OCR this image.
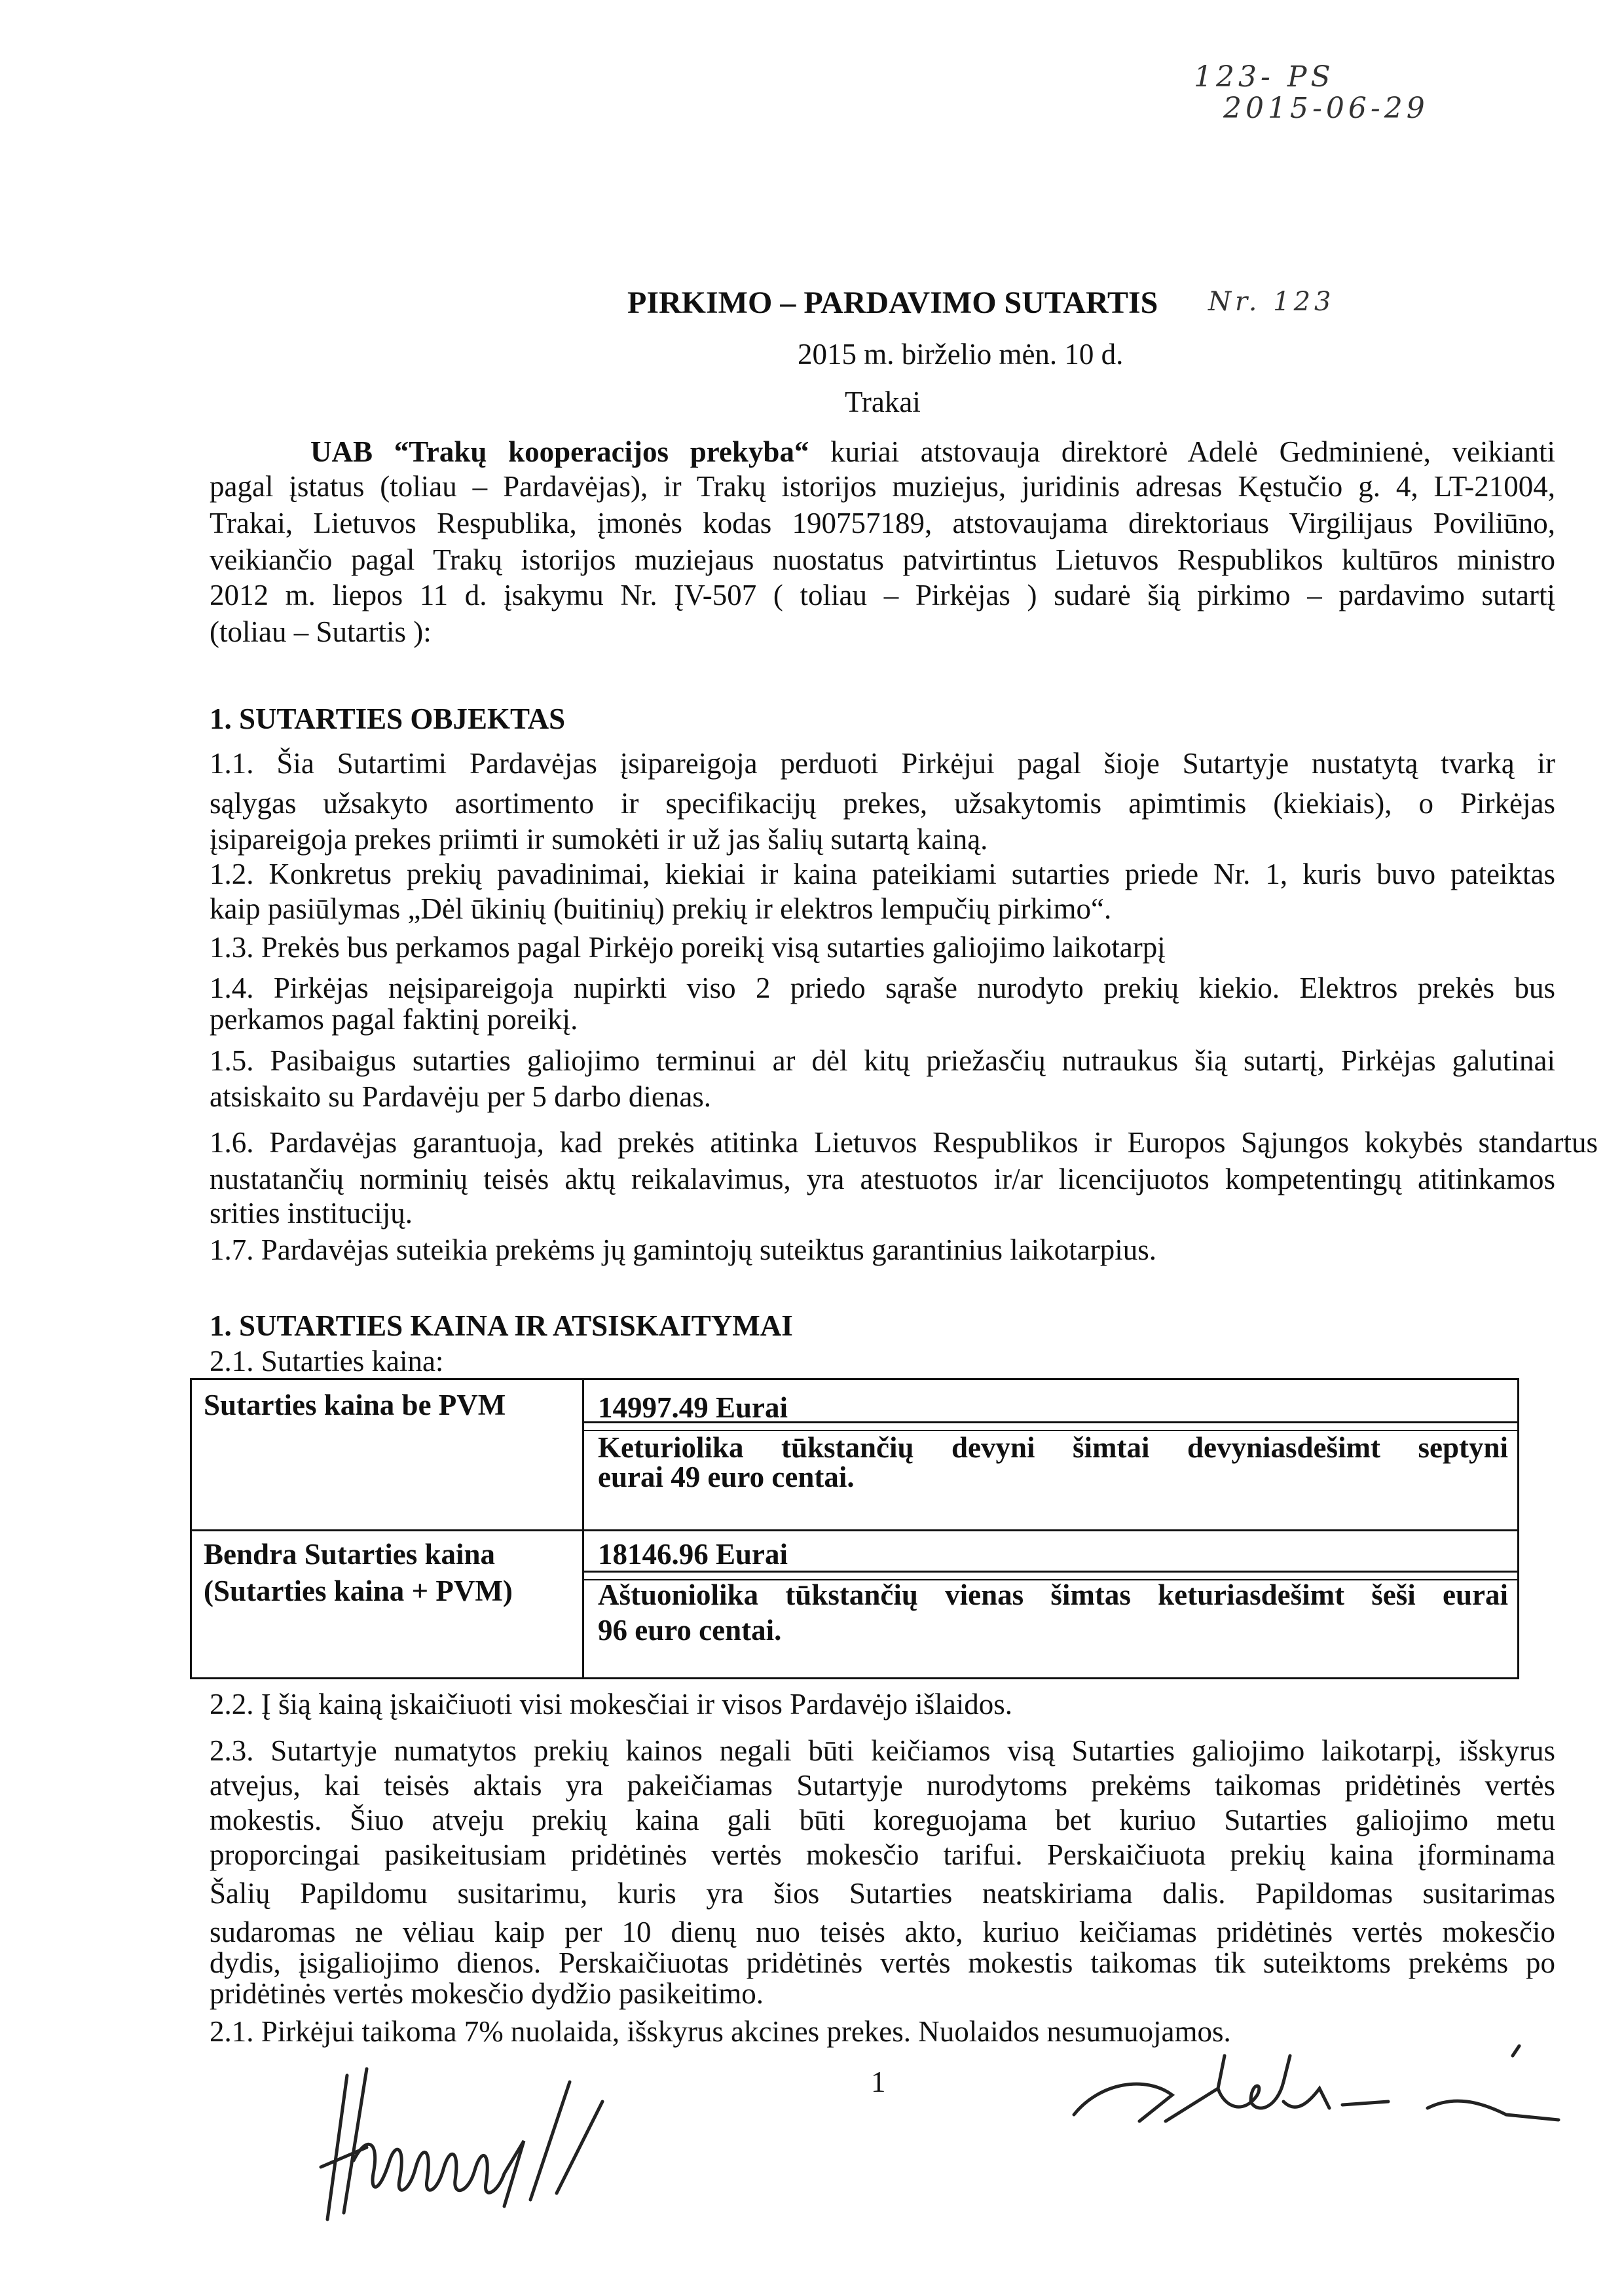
123- PS
2015-06-29
Nr. 123
PIRKIMO – PARDAVIMO SUTARTIS
2015 m. birželio mėn. 10 d.
Trakai
UAB “Trakų kooperacijos prekyba“ kuriai atstovauja direktorė Adelė Gedminienė, veikianti
pagal įstatus (toliau – Pardavėjas), ir Trakų istorijos muziejus, juridinis adresas Kęstučio g. 4, LT-21004,
Trakai, Lietuvos Respublika, įmonės kodas 190757189, atstovaujama direktoriaus Virgilijaus Poviliūno,
veikiančio pagal Trakų istorijos muziejaus nuostatus patvirtintus Lietuvos Respublikos kultūros ministro
2012 m. liepos 11 d. įsakymu Nr. ĮV-507 ( toliau – Pirkėjas ) sudarė šią pirkimo – pardavimo sutartį
(toliau – Sutartis ):
1. SUTARTIES OBJEKTAS
1.1. Šia Sutartimi Pardavėjas įsipareigoja perduoti Pirkėjui pagal šioje Sutartyje nustatytą tvarką ir
sąlygas užsakyto asortimento ir specifikacijų prekes, užsakytomis apimtimis (kiekiais), o Pirkėjas
įsipareigoja prekes priimti ir sumokėti ir už jas šalių sutartą kainą.
1.2. Konkretus prekių pavadinimai, kiekiai ir kaina pateikiami sutarties priede Nr. 1, kuris buvo pateiktas
kaip pasiūlymas „Dėl ūkinių (buitinių) prekių ir elektros lempučių pirkimo“.
1.3. Prekės bus perkamos pagal Pirkėjo poreikį visą sutarties galiojimo laikotarpį
1.4. Pirkėjas neįsipareigoja nupirkti viso 2 priedo sąraše nurodyto prekių kiekio. Elektros prekės bus
perkamos pagal faktinį poreikį.
1.5. Pasibaigus sutarties galiojimo terminui ar dėl kitų priežasčių nutraukus šią sutartį, Pirkėjas galutinai
atsiskaito su Pardavėju per 5 darbo dienas.
1.6. Pardavėjas garantuoja, kad prekės atitinka Lietuvos Respublikos ir Europos Sąjungos kokybės standartus
nustatančių norminių teisės aktų reikalavimus, yra atestuotos ir/ar licencijuotos kompetentingų atitinkamos
srities institucijų.
1.7. Pardavėjas suteikia prekėms jų gamintojų suteiktus garantinius laikotarpius.
1. SUTARTIES KAINA IR ATSISKAITYMAI
2.1. Sutarties kaina:
Sutarties kaina be PVM	14997.49 Eurai
Keturiolika tūkstančių devyni šimtai devyniasdešimt septyni
eurai 49 euro centai.
Bendra Sutarties kaina
(Sutarties kaina + PVM)
18146.96 Eurai
Aštuoniolika tūkstančių vienas šimtas keturiasdešimt šeši eurai
96 euro centai.
2.2. Į šią kainą įskaičiuoti visi mokesčiai ir visos Pardavėjo išlaidos.
2.3. Sutartyje numatytos prekių kainos negali būti keičiamos visą Sutarties galiojimo laikotarpį, išskyrus
atvejus, kai teisės aktais yra pakeičiamas Sutartyje nurodytoms prekėms taikomas pridėtinės vertės
mokestis. Šiuo atveju prekių kaina gali būti koreguojama bet kuriuo Sutarties galiojimo metu
proporcingai pasikeitusiam pridėtinės vertės mokesčio tarifui. Perskaičiuota prekių kaina įforminama
Šalių Papildomu susitarimu, kuris yra šios Sutarties neatskiriama dalis. Papildomas susitarimas
sudaromas ne vėliau kaip per 10 dienų nuo teisės akto, kuriuo keičiamas pridėtinės vertės mokesčio
dydis, įsigaliojimo dienos. Perskaičiuotas pridėtinės vertės mokestis taikomas tik suteiktoms prekėms po
pridėtinės vertės mokesčio dydžio pasikeitimo.
2.1. Pirkėjui taikoma 7% nuolaida, išskyrus akcines prekes. Nuolaidos nesumuojamos.
1
